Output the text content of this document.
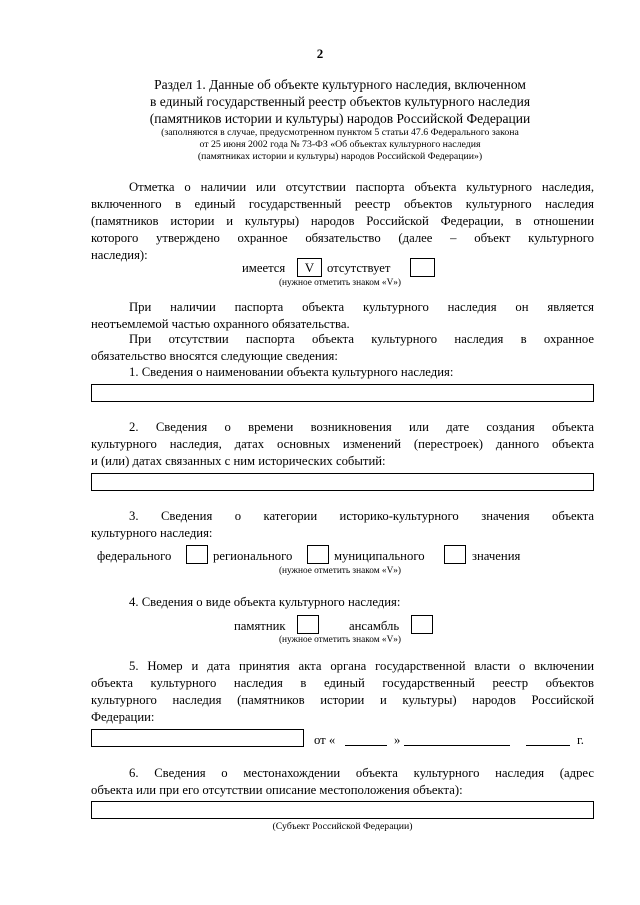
2
Раздел 1. Данные об объекте культурного наследия, включенном
в единый государственный реестр объектов культурного наследия
(памятников истории и культуры) народов Российской Федерации
(заполняются в случае, предусмотренном пунктом 5 статьи 47.6 Федерального закона
от 25 июня 2002 года № 73-ФЗ «Об объектах культурного наследия
(памятниках истории и культуры) народов Российской Федерации»)
Отметка о наличии или отсутствии паспорта объекта культурного наследия,
включенного в единый государственный реестр объектов культурного наследия
(памятников истории и культуры) народов Российской Федерации, в отношении
которого утверждено охранное обязательство (далее – объект культурного
наследия):
имеется	V	отсутствует
(нужное отметить знаком «V»)
При наличии паспорта объекта культурного наследия он является
неотъемлемой частью охранного обязательства.
При отсутствии паспорта объекта культурного наследия в охранное
обязательство вносятся следующие сведения:
1. Сведения о наименовании объекта культурного наследия:
2. Сведения о времени возникновения или дате создания объекта
культурного наследия, датах основных изменений (перестроек) данного объекта
и (или) датах связанных с ним исторических событий:
3. Сведения о категории историко-культурного значения объекта
культурного наследия:
федерального	регионального	муниципального	значения
(нужное отметить знаком «V»)
4. Сведения о виде объекта культурного наследия:
памятник	ансамбль
(нужное отметить знаком «V»)
5. Номер и дата принятия акта органа государственной власти о включении
объекта культурного наследия в единый государственный реестр объектов
культурного наследия (памятников истории и культуры) народов Российской
Федерации:
от «	»	г.
6. Сведения о местонахождении объекта культурного наследия (адрес
объекта или при его отсутствии описание местоположения объекта):
(Субъект Российской Федерации)
